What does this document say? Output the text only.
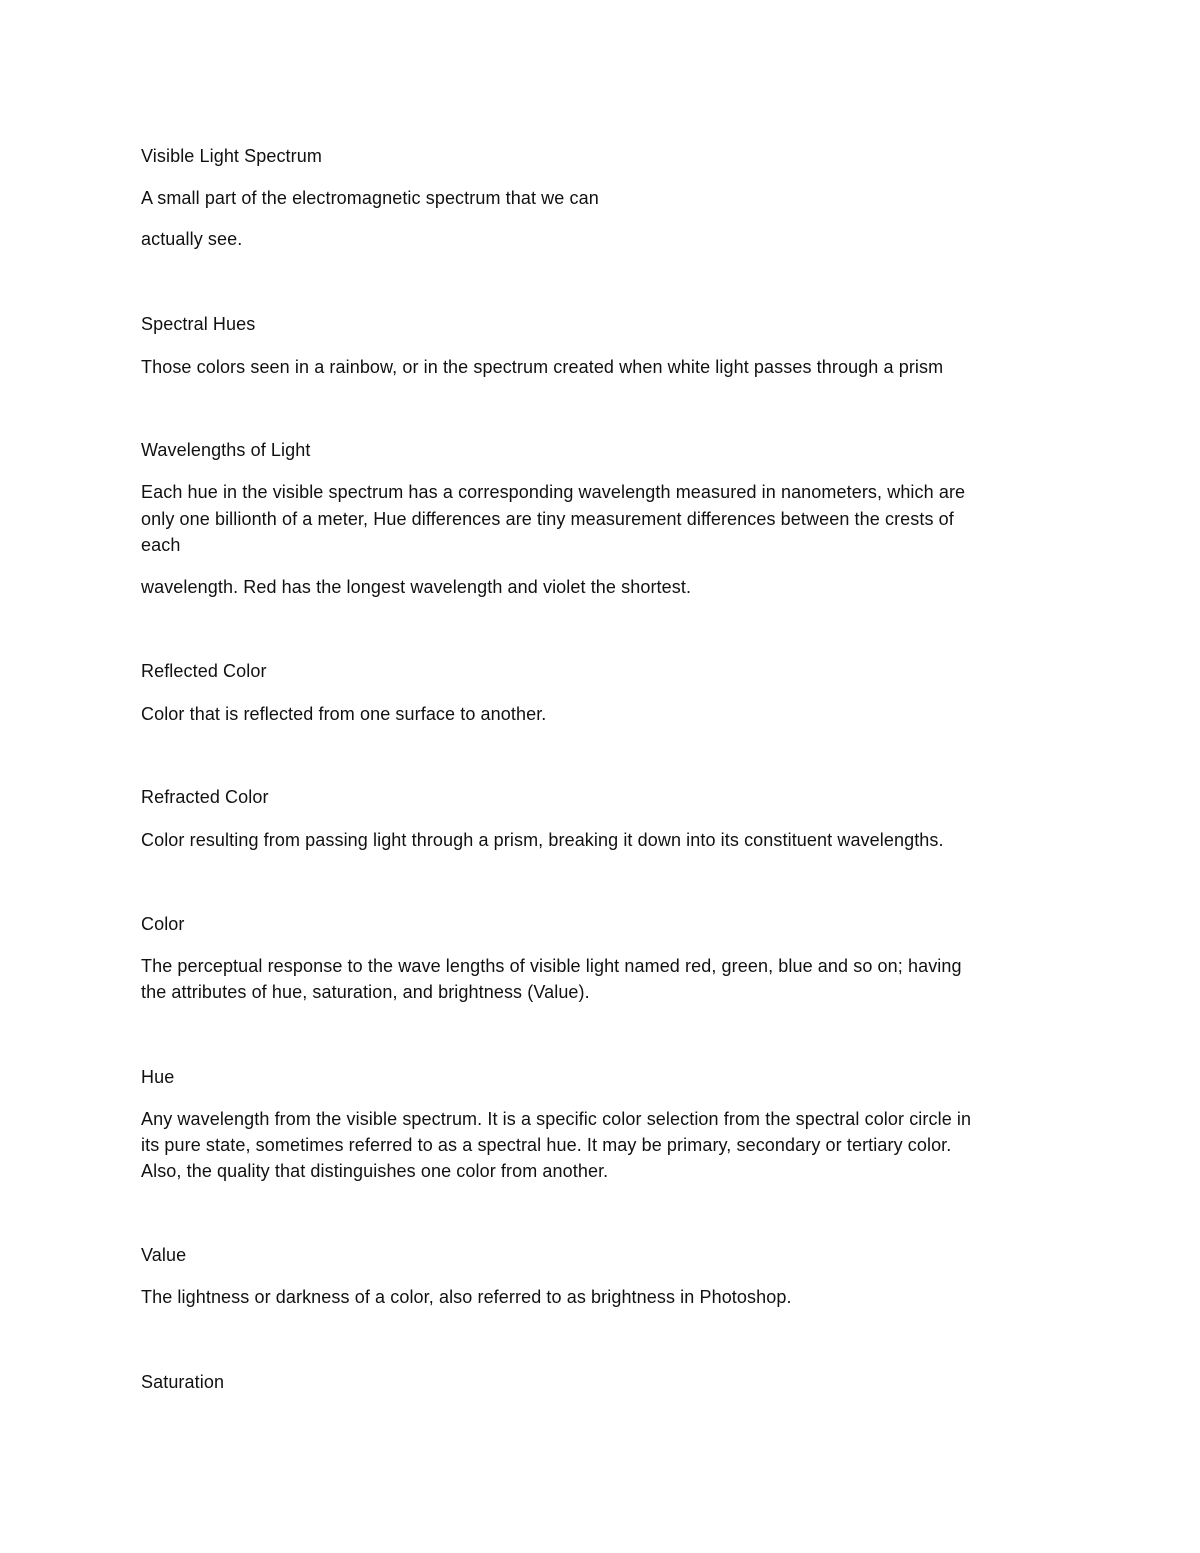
Visible Light Spectrum
A small part of the electromagnetic spectrum that we can
actually see.
Spectral Hues
Those colors seen in a rainbow, or in the spectrum created when white light passes through a prism
Wavelengths of Light
Each hue in the visible spectrum has a corresponding wavelength measured in nanometers, which are
only one billionth of a meter, Hue differences are tiny measurement differences between the crests of
each
wavelength. Red has the longest wavelength and violet the shortest.
Reflected Color
Color that is reflected from one surface to another.
Refracted Color
Color resulting from passing light through a prism, breaking it down into its constituent wavelengths.
Color
The perceptual response to the wave lengths of visible light named red, green, blue and so on; having
the attributes of hue, saturation, and brightness (Value).
Hue
Any wavelength from the visible spectrum. It is a specific color selection from the spectral color circle in
its pure state, sometimes referred to as a spectral hue. It may be primary, secondary or tertiary color.
Also, the quality that distinguishes one color from another.
Value
The lightness or darkness of a color, also referred to as brightness in Photoshop.
Saturation
